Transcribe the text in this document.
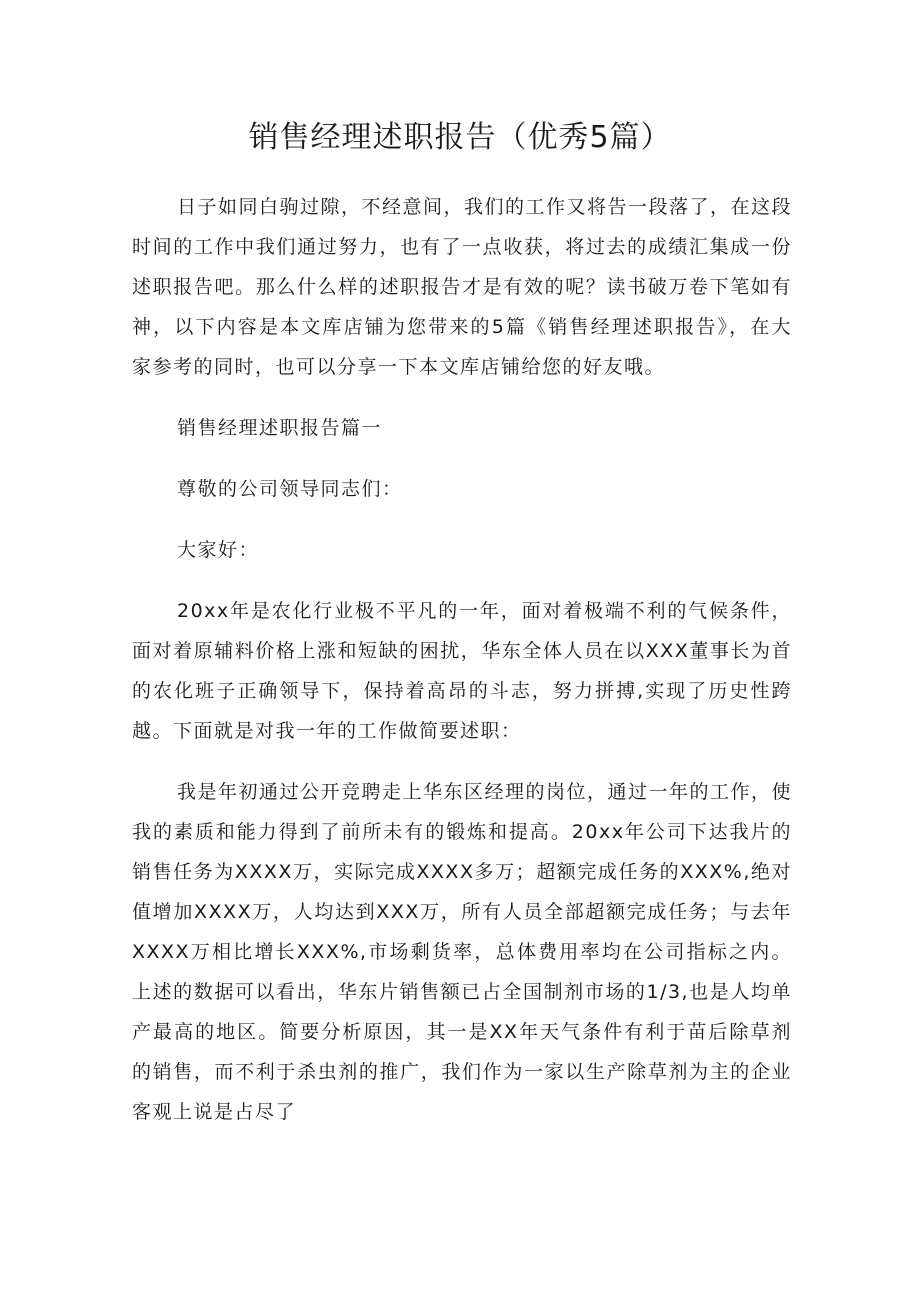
销售经理述职报告（优秀5篇）

日子如同白驹过隙，不经意间，我们的工作又将告一段落了，在这段时间的工作中我们通过努力，也有了一点收获，将过去的成绩汇集成一份述职报告吧。那么什么样的述职报告才是有效的呢？读书破万卷下笔如有神，以下内容是本文库店铺为您带来的5篇《销售经理述职报告》，在大家参考的同时，也可以分享一下本文库店铺给您的好友哦。

销售经理述职报告篇一
尊敬的公司领导同志们：
大家好：

20xx年是农化行业极不平凡的一年，面对着极端不利的气候条件，面对着原辅料价格上涨和短缺的困扰，华东全体人员在以XXX董事长为首的农化班子正确领导下，保持着高昂的斗志，努力拼搏,实现了历史性跨越。下面就是对我一年的工作做简要述职：

我是年初通过公开竞聘走上华东区经理的岗位，通过一年的工作，使我的素质和能力得到了前所未有的锻炼和提高。20xx年公司下达我片的销售任务为XXXX万，实际完成XXXX多万；超额完成任务的XXX%,绝对值增加XXXX万，人均达到XXX万，所有人员全部超额完成任务；与去年XXXX万相比增长XXX%,市场剩货率，总体费用率均在公司指标之内。上述的数据可以看出，华东片销售额已占全国制剂市场的1/3,也是人均单产最高的地区。简要分析原因，其一是XX年天气条件有利于苗后除草剂的销售，而不利于杀虫剂的推广，我们作为一家以生产除草剂为主的企业客观上说是占尽了
